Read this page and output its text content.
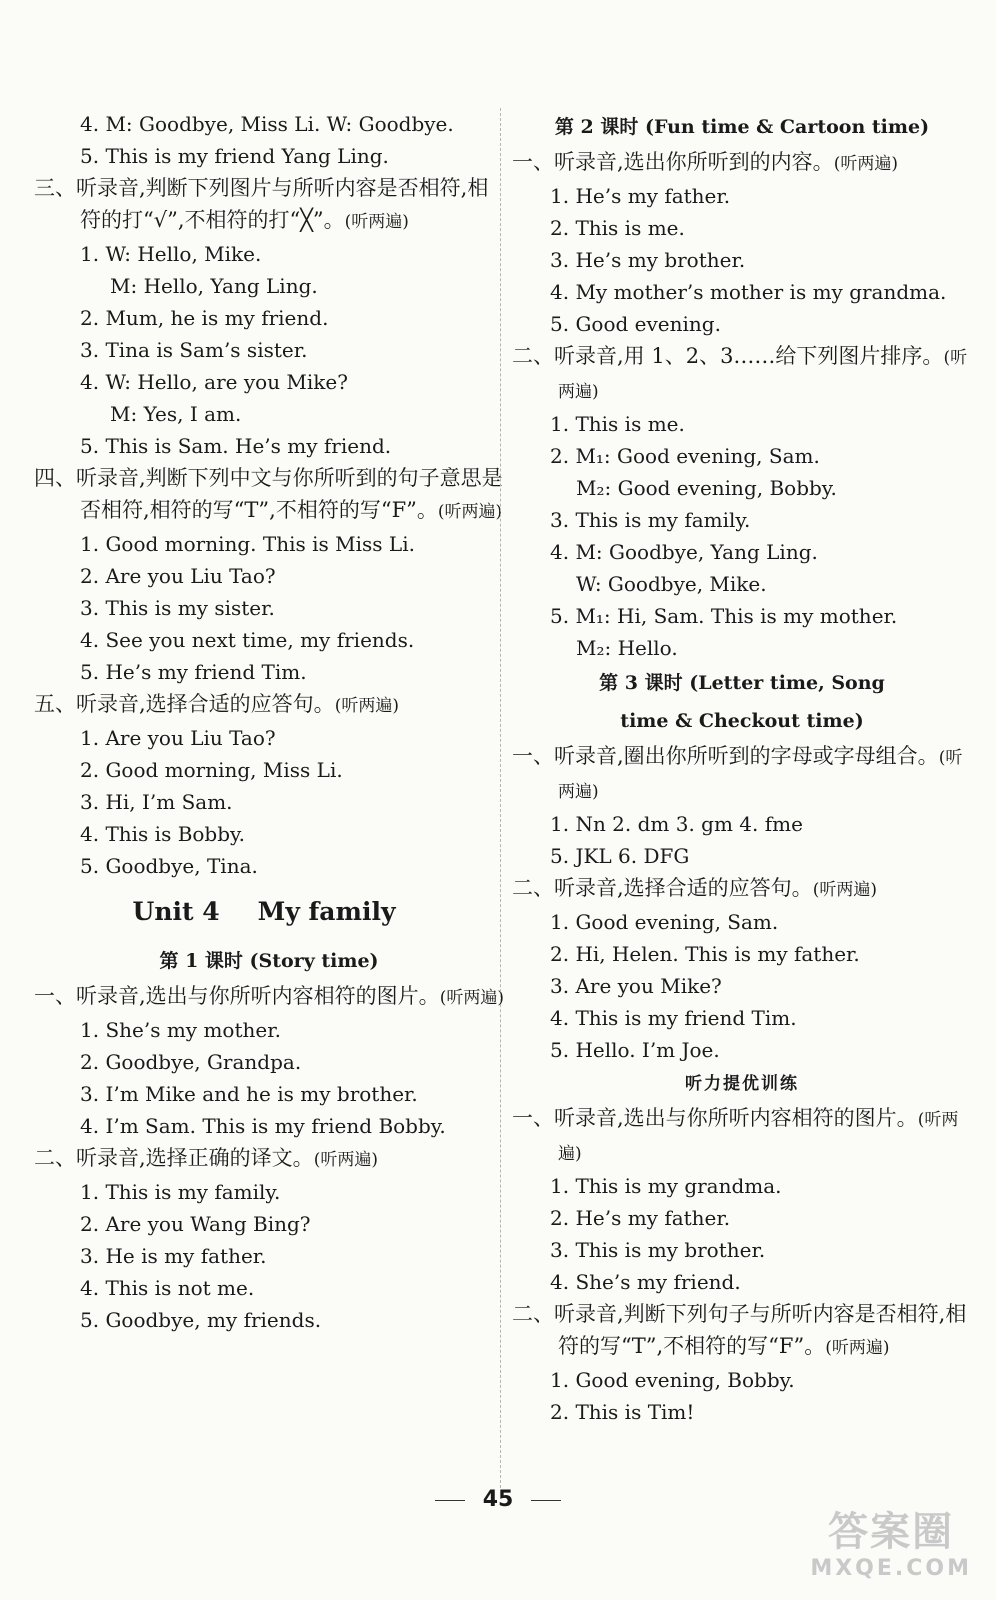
4. M: Goodbye, Miss Li. W: Goodbye.
5. This is my friend Yang Ling.
三、听录音,判断下列图片与所听内容是否相符,相符的打“√”,不相符的打“╳”。(听两遍)
1. W: Hello, Mike.
M: Hello, Yang Ling.
2. Mum, he is my friend.
3. Tina is Sam’s sister.
4. W: Hello, are you Mike?
M: Yes, I am.
5. This is Sam. He’s my friend.
四、听录音,判断下列中文与你所听到的句子意思是否相符,相符的写“T”,不相符的写“F”。(听两遍)
1. Good morning. This is Miss Li.
2. Are you Liu Tao?
3. This is my sister.
4. See you next time, my friends.
5. He’s my friend Tim.
五、听录音,选择合适的应答句。(听两遍)
1. Are you Liu Tao?
2. Good morning, Miss Li.
3. Hi, I’m Sam.
4. This is Bobby.
5. Goodbye, Tina.
Unit 4 My family
第 1 课时 (Story time)
一、听录音,选出与你所听内容相符的图片。(听两遍)
1. She’s my mother.
2. Goodbye, Grandpa.
3. I’m Mike and he is my brother.
4. I’m Sam. This is my friend Bobby.
二、听录音,选择正确的译文。(听两遍)
1. This is my family.
2. Are you Wang Bing?
3. He is my father.
4. This is not me.
5. Goodbye, my friends.
第 2 课时 (Fun time & Cartoon time)
一、听录音,选出你所听到的内容。(听两遍)
1. He’s my father.
2. This is me.
3. He’s my brother.
4. My mother’s mother is my grandma.
5. Good evening.
二、听录音,用 1、2、3……给下列图片排序。(听两遍)
1. This is me.
2. M₁: Good evening, Sam.
M₂: Good evening, Bobby.
3. This is my family.
4. M: Goodbye, Yang Ling.
W: Goodbye, Mike.
5. M₁: Hi, Sam. This is my mother.
M₂: Hello.
第 3 课时 (Letter time, Song
time & Checkout time)
一、听录音,圈出你所听到的字母或字母组合。(听两遍)
1. Nn 2. dm 3. gm 4. fme
5. JKL 6. DFG
二、听录音,选择合适的应答句。(听两遍)
1. Good evening, Sam.
2. Hi, Helen. This is my father.
3. Are you Mike?
4. This is my friend Tim.
5. Hello. I’m Joe.
听力提优训练
一、听录音,选出与你所听内容相符的图片。(听两遍)
1. This is my grandma.
2. He’s my father.
3. This is my brother.
4. She’s my friend.
二、听录音,判断下列句子与所听内容是否相符,相符的写“T”,不相符的写“F”。(听两遍)
1. Good evening, Bobby.
2. This is Tim!
45
答案圈
MXQE.COM
